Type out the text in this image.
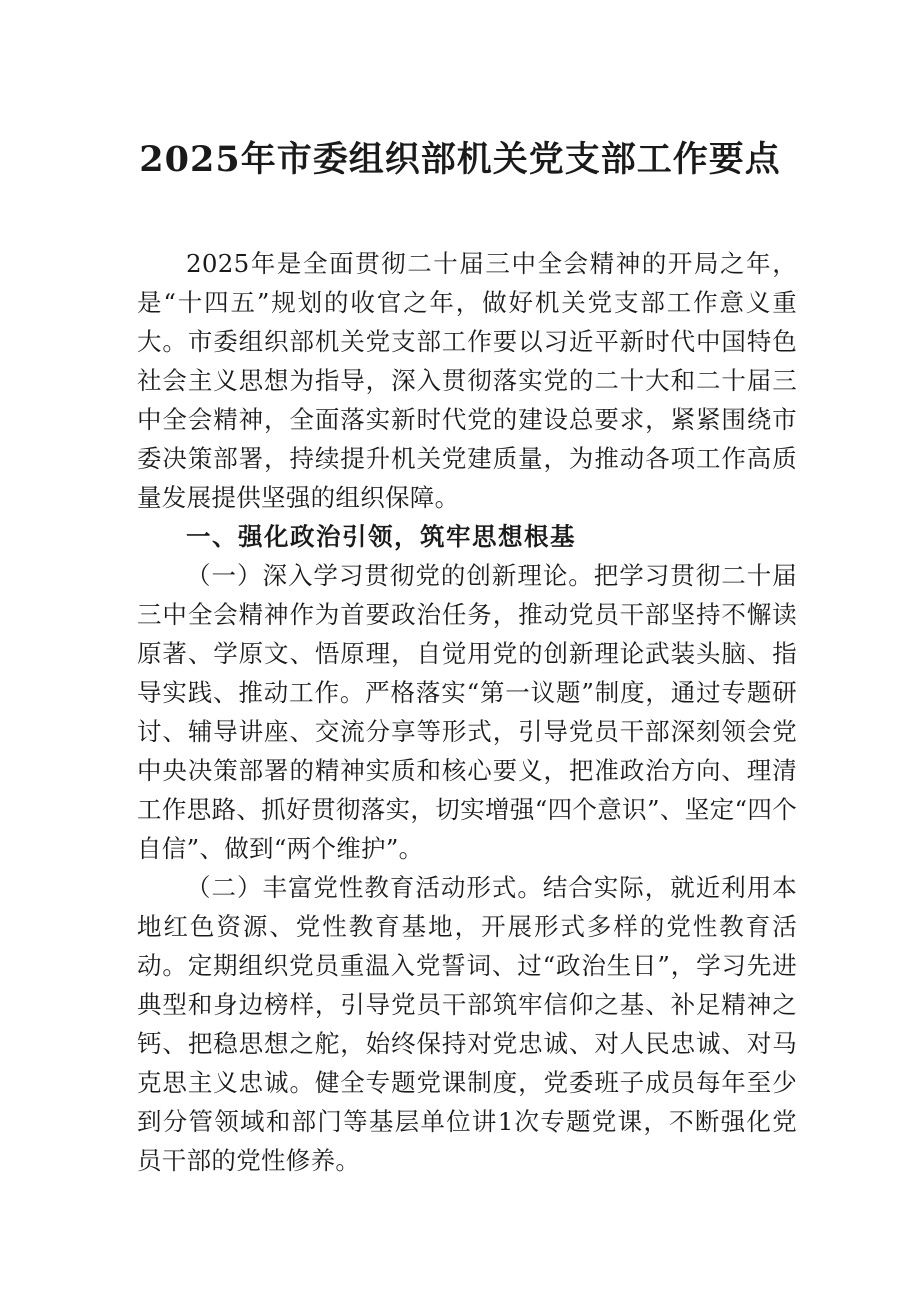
2025年市委组织部机关党支部工作要点

2025年是全面贯彻二十届三中全会精神的开局之年，是“十四五”规划的收官之年，做好机关党支部工作意义重大。市委组织部机关党支部工作要以习近平新时代中国特色社会主义思想为指导，深入贯彻落实党的二十大和二十届三中全会精神，全面落实新时代党的建设总要求，紧紧围绕市委决策部署，持续提升机关党建质量，为推动各项工作高质量发展提供坚强的组织保障。

一、强化政治引领，筑牢思想根基

（一）深入学习贯彻党的创新理论。把学习贯彻二十届三中全会精神作为首要政治任务，推动党员干部坚持不懈读原著、学原文、悟原理，自觉用党的创新理论武装头脑、指导实践、推动工作。严格落实“第一议题”制度，通过专题研讨、辅导讲座、交流分享等形式，引导党员干部深刻领会党中央决策部署的精神实质和核心要义，把准政治方向、理清工作思路、抓好贯彻落实，切实增强“四个意识”、坚定“四个自信”、做到“两个维护”。

（二）丰富党性教育活动形式。结合实际，就近利用本地红色资源、党性教育基地，开展形式多样的党性教育活动。定期组织党员重温入党誓词、过“政治生日”，学习先进典型和身边榜样，引导党员干部筑牢信仰之基、补足精神之钙、把稳思想之舵，始终保持对党忠诚、对人民忠诚、对马克思主义忠诚。健全专题党课制度，党委班子成员每年至少到分管领域和部门等基层单位讲1次专题党课，不断强化党员干部的党性修养。
